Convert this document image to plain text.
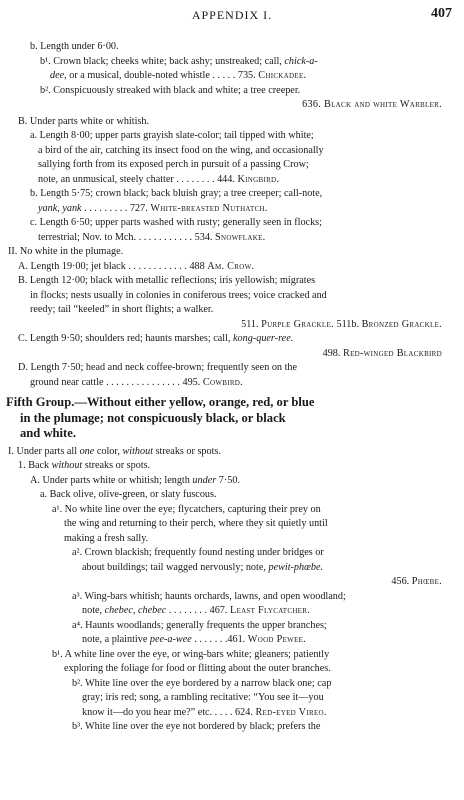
APPENDIX I.	407
b. Length under 6·00.
b¹. Crown black; cheeks white; back ashy; unstreaked; call, chick-a-
dee, or a musical, double-noted whistle . . . . . 735. Chickadee.
b². Conspicuously streaked with black and white; a tree creeper.
636. Black and white Warbler.
B. Under parts white or whitish.
a. Length 8·00; upper parts grayish slate-color; tail tipped with white;
a bird of the air, catching its insect food on the wing, and occasionally
sallying forth from its exposed perch in pursuit of a passing Crow;
note, an unmusical, steely chatter . . . . . . . . 444. Kingbird.
b. Length 5·75; crown black; back bluish gray; a tree creeper; call-note,
yank, yank . . . . . . . . . 727. White-breasted Nuthatch.
c. Length 6·50; upper parts washed with rusty; generally seen in flocks;
terrestrial; Nov. to Mch. . . . . . . . . . . . 534. Snowflake.
II. No white in the plumage.
A. Length 19·00; jet black . . . . . . . . . . . . 488 Am. Crow.
B. Length 12·00; black with metallic reflections; iris yellowish; migrates
in flocks; nests usually in colonies in coniferous trees; voice cracked and
reedy; tail “keeled” in short flights; a walker.
511. Purple Grackle. 511b. Bronzed Grackle.
C. Length 9·50; shoulders red; haunts marshes; call, kong-quer-ree.
498. Red-winged Blackbird
D. Length 7·50; head and neck coffee-brown; frequently seen on the
ground near cattle . . . . . . . . . . . . . . . 495. Cowbird.
Fifth Group.—Without either yellow, orange, red, or blue
in the plumage; not conspicuously black, or black
and white.
I. Under parts all one color, without streaks or spots.
1. Back without streaks or spots.
A. Under parts white or whitish; length under 7·50.
a. Back olive, olive-green, or slaty fuscous.
a¹. No white line over the eye; flycatchers, capturing their prey on
the wing and returning to their perch, where they sit quietly until
making a fresh sally.
a². Crown blackish; frequently found nesting under bridges or
about buildings; tail wagged nervously; note, pewit-phœbe.
456. Phœbe.
a³. Wing-bars whitish; haunts orchards, lawns, and open woodland;
note, chebec, chebec . . . . . . . . 467. Least Flycatcher.
a⁴. Haunts woodlands; generally frequents the upper branches;
note, a plaintive pee-a-wee . . . . . . .461. Wood Pewee.
b¹. A white line over the eye, or wing-bars white; gleaners; patiently
exploring the foliage for food or flitting about the outer branches.
b². White line over the eye bordered by a narrow black one; cap
gray; iris red; song, a rambling recitative: “You see it—you
know it—do you hear me?” etc. . . . . 624. Red-eyed Vireo.
b³. White line over the eye not bordered by black; prefers the
